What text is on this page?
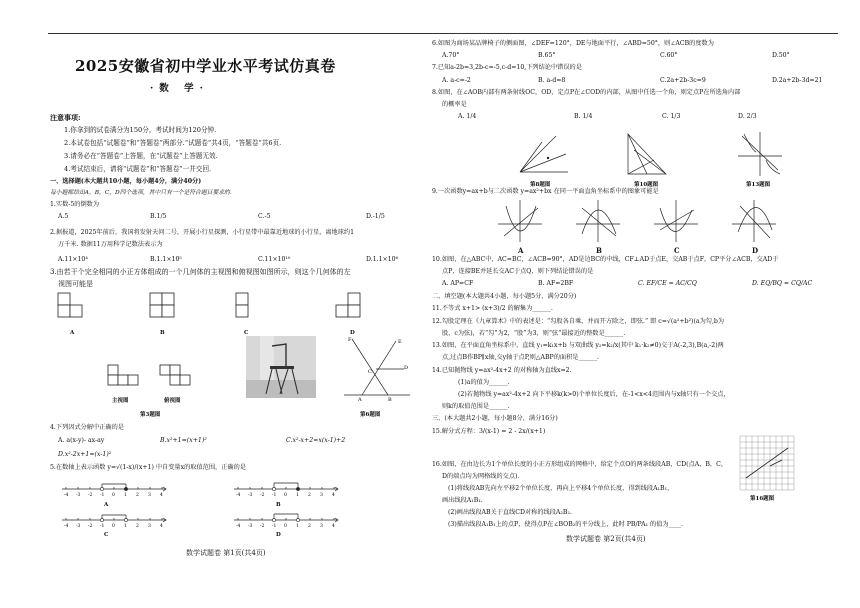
2025安徽省初中学业水平考试仿真卷
·数 学·
注意事项:
1.你拿到的试卷满分为150分，考试时间为120分钟.
2.本试卷包括“试题卷”和“答题卷”两部分.“试题卷”共4页，“答题卷”共6页.
3.请务必在“答题卷”上答题，在“试题卷”上答题无效.
4.考试结束后，请将“试题卷”和“答题卷”一并交回.
一、选择题(本大题共10小题，每小题4分，满分40分)
每小题都给出A，B，C，D四个选项，其中只有一个是符合题目要求的.
1.实数-5的倒数为
A.5	B.1/5	C.-5	D.-1/5
2.据报道，2025年前后，我国将发射天问二号，开展小行星探测，小行星带中最靠近地球的小行星，离地球约1
万千米. 数据11万用科学记数法表示为
A.11×10⁴	B.1.1×10⁵	C.11×10¹⁰	D.1.1×10⁶
3.由若干个完全相同的小正方体组成的一个几何体的主视图和俯视图如图所示，则这个几何体的左
视图可能是
A	B	C	D
主视图	俯视图
第3题图
F	E
D
A	B
C
第6题图
4.下列因式分解中正确的是
A. a(x-y)- ax-ay	B.x²+1=(x+1)²	C.x²-x+2=x(x-1)+2
D.x²-2x+1=(x-1)²
5.在数轴上表示函数 y=√(1-x)/(x+1) 中自变量x的取值范围，正确的是
-4 -3 -2 -1 0 1 2 3 4
A
-4 -3 -2 -1 0 1 2 3 4
B
-4 -3 -2 -1 0 1 2 3 4
C
-4 -3 -2 -1 0 1 2 3 4
D
数学试题卷 第1页(共4页)
6.如图为商场某品牌椅子的侧面图，∠DEF=120°，DE与地面平行，∠ABD=50°，则∠ACB的度数为
A.70°	B.65°	C.60°	D.50°
7.已知a-2b=3,2b-c=-5,c-d=10,下列结论中错误的是
A. a-c=-2	B. a-d=8	C.2a+2b-3c=9	D.2a+2b-3d=21
8.如图，在∠AOB内部有两条射线OC，OD，定点P在∠COD的内部，从图中任选一个角，则定点P在所选角内部
的概率是
A. 1/4	B. 1/4	C. 1/3	D. 2/3
第8题图	第10题图	第13题图
9.一次函数y=ax+b与二次函数 y=ax²+bx 在同一平面直角坐标系中的图象可能是
A	B	C	D
10.如图，在△ABC中，AC=BC，∠ACB=90°，AD是边BC的中线，CF⊥AD于点E，交AB于点F，CP平分∠ACB，交AD于
点P，连接BE并延长交AC于点Q，则下列结论错误的是
A. AP=CF	B. AF=2BF	C. EF/CE = AC/CQ	D. EQ/BQ = CQ/AC
二、填空题(本大题共4小题，每小题5分，满分20分)
11.不等式 x+1> (x+3)/2 的解集为______.
12.勾股定理在《九章算术》中的表述是：“勾股各自乘，并而开方除之，即弦.” 即 c=√(a²+b²)(a为勾,b为
股，c为弦)，若“勾”为2，“股”为3，则“弦”最接近的整数是______.
13.如图，在平面直角坐标系中，直线 y₁=k₁x+b 与双曲线 y₂=k₂/x(其中 k₁·k₂≠0)交于A(-2,3),B(a,-2)两
点,过点B作BP∥x轴,交y轴于点P,则△ABP的面积是______.
14.已知抛物线 y=ax²-4x+2 的对称轴为直线x=2.
(1)a的值为______.
(2)若抛物线 y=ax²-4x+2 向下平移k(k>0)个单位长度后，在-1<x<4范围内与x轴只有一个交点，
则k的取值范围是______.
三、(本大题共2小题，每小题8分，满分16分)
15.解分式方程：3/(x-1) = 2 - 2x/(x+1)
第16题图
16.如图，在由边长为1个单位长度的小正方形组成的网格中，给定个点O的两条线段AB，CD(点A，B，C，
D的端点均为网格线的交点).
(1)将线段AB先向左平移2个单位长度，再向上平移4个单位长度，得到线段A₁B₁，
画出线段A₁B₁.
(2)画出线段AB关于直线CD对称的线段A₂B₂.
(3)描出线段A₁B₁上的点P，使得点P在∠BOB₂的平分线上，此时 PB/PA₁ 的值为____.
数学试题卷 第2页(共4页)
